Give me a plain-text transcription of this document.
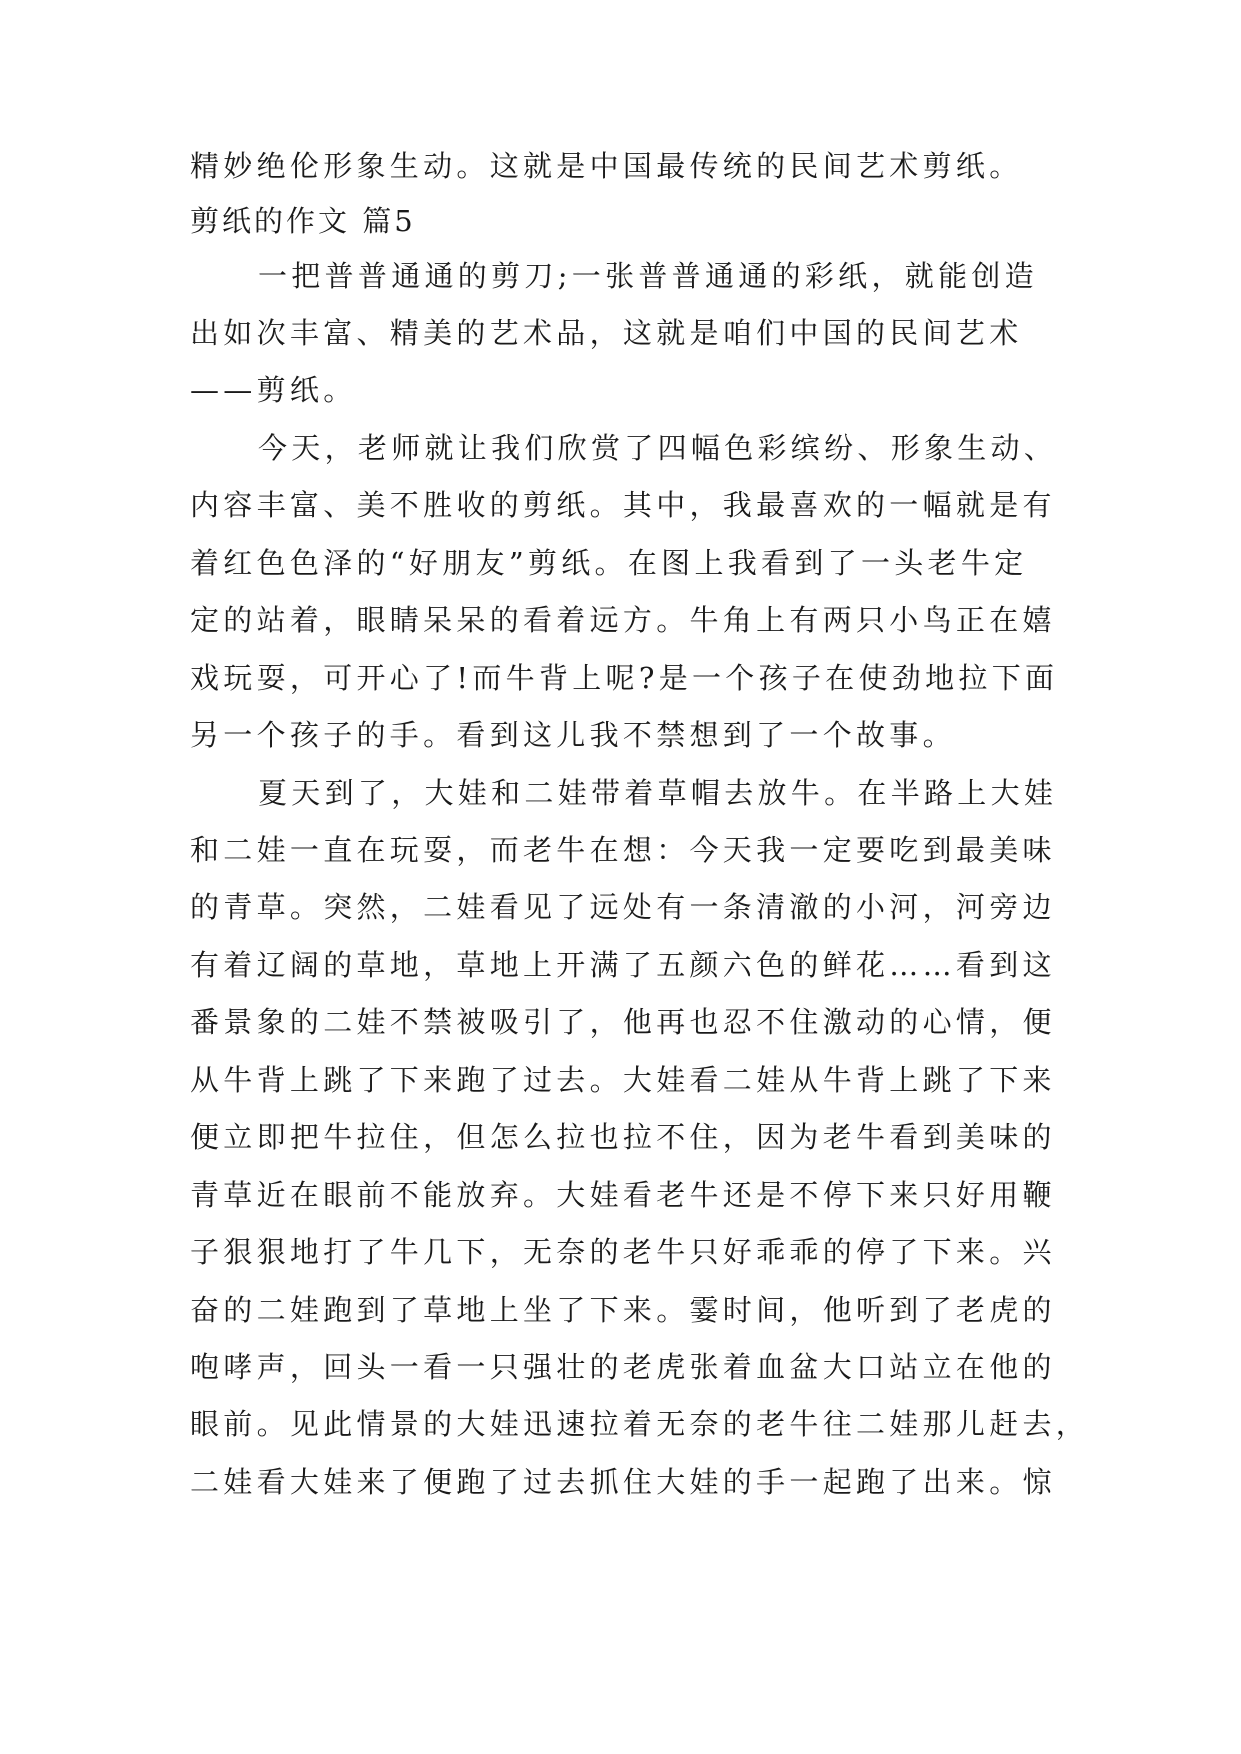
精妙绝伦形象生动。这就是中国最传统的民间艺术剪纸。

剪纸的作文 篇5

一把普普通通的剪刀;一张普普通通的彩纸，就能创造

出如次丰富、精美的艺术品，这就是咱们中国的民间艺术

——剪纸。

今天，老师就让我们欣赏了四幅色彩缤纷、形象生动、

内容丰富、美不胜收的剪纸。其中，我最喜欢的一幅就是有

着红色色泽的“好朋友”剪纸。在图上我看到了一头老牛定

定的站着，眼睛呆呆的看着远方。牛角上有两只小鸟正在嬉

戏玩耍，可开心了!而牛背上呢?是一个孩子在使劲地拉下面

另一个孩子的手。看到这儿我不禁想到了一个故事。

夏天到了，大娃和二娃带着草帽去放牛。在半路上大娃

和二娃一直在玩耍，而老牛在想：今天我一定要吃到最美味

的青草。突然，二娃看见了远处有一条清澈的小河，河旁边

有着辽阔的草地，草地上开满了五颜六色的鲜花……看到这

番景象的二娃不禁被吸引了，他再也忍不住激动的心情，便

从牛背上跳了下来跑了过去。大娃看二娃从牛背上跳了下来

便立即把牛拉住，但怎么拉也拉不住，因为老牛看到美味的

青草近在眼前不能放弃。大娃看老牛还是不停下来只好用鞭

子狠狠地打了牛几下，无奈的老牛只好乖乖的停了下来。兴

奋的二娃跑到了草地上坐了下来。霎时间，他听到了老虎的

咆哮声，回头一看一只强壮的老虎张着血盆大口站立在他的

眼前。见此情景的大娃迅速拉着无奈的老牛往二娃那儿赶去，

二娃看大娃来了便跑了过去抓住大娃的手一起跑了出来。惊
